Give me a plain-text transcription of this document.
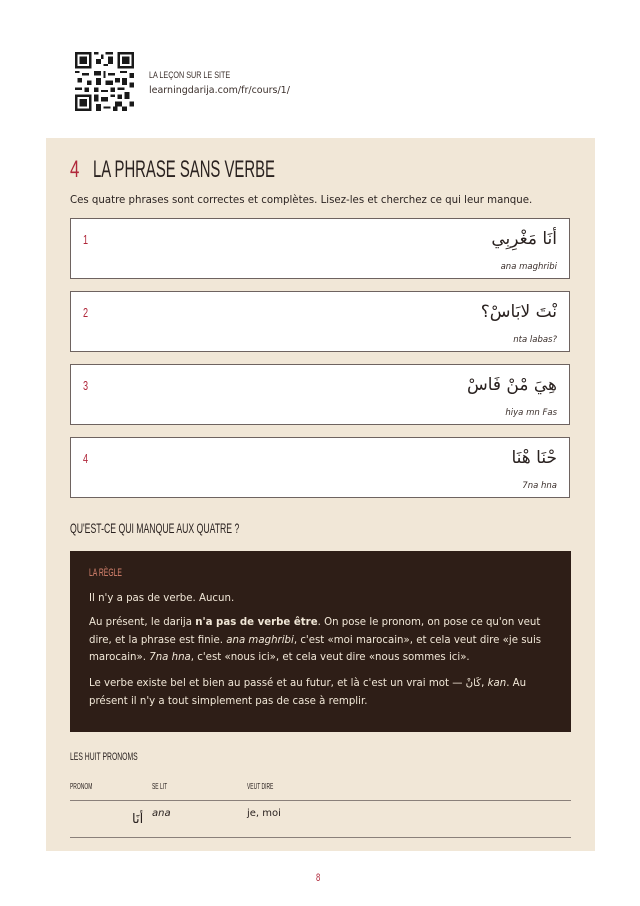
LA LEÇON SUR LE SITE
learningdarija.com/fr/cours/1/
4 LA PHRASE SANS VERBE
Ces quatre phrases sont correctes et complètes. Lisez-les et cherchez ce qui leur manque.
1	أنَا مَغْرِبِي
ana maghribi
2	نْتَ لابَاسْ؟
nta labas?
3	هِيَ مْنْ فَاسْ
hiya mn Fas
4	حْنَا هْنَا
7na hna
QU'EST-CE QUI MANQUE AUX QUATRE ?
LA RÈGLE

Il n'y a pas de verbe. Aucun.

Au présent, le darija n'a pas de verbe être. On pose le pronom, on pose ce qu'on veut dire, et la phrase est finie. ana maghribi, c'est «moi marocain», et cela veut dire «je suis marocain». 7na hna, c'est «nous ici», et cela veut dire «nous sommes ici».

Le verbe existe bel et bien au passé et au futur, et là c'est un vrai mot — كَانْ, kan. Au présent il n'y a tout simplement pas de case à remplir.

LES HUIT PRONOMS
PRONOM	SE LIT	VEUT DIRE
أنَا ana	je, moi
8
